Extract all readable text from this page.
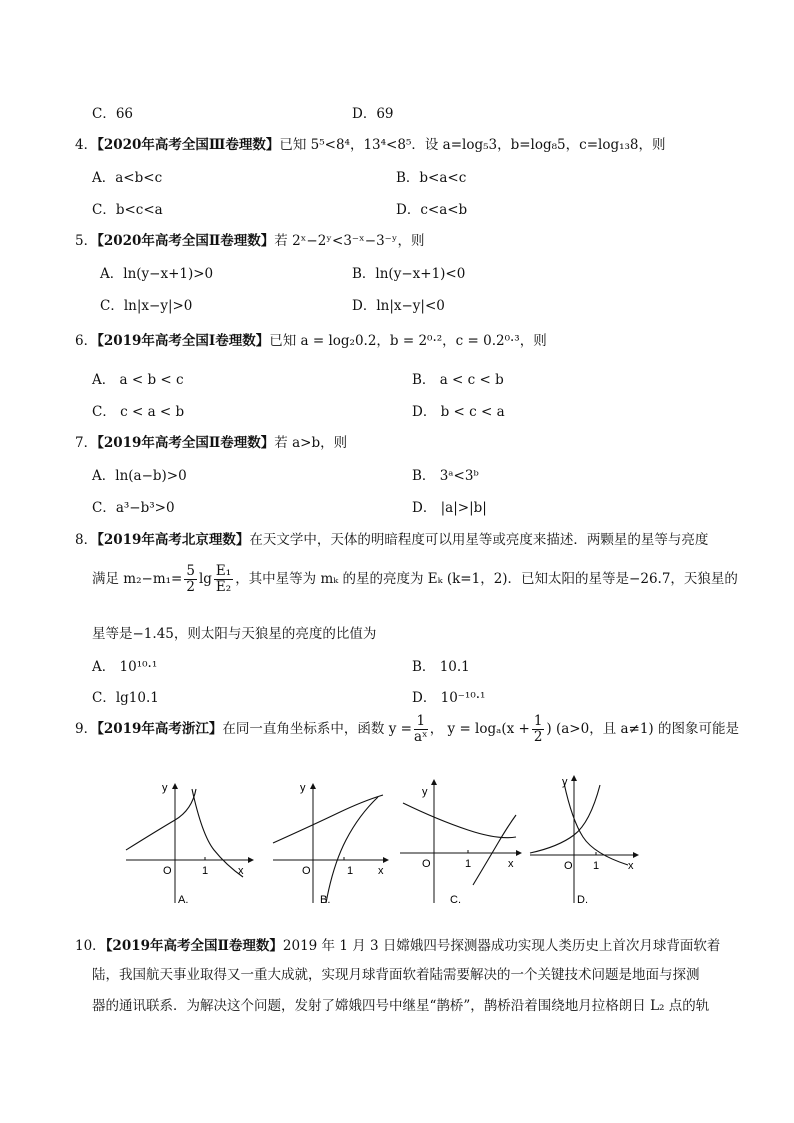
C．66	D．69
4．【2020年高考全国Ⅲ卷理数】已知 5⁵<8⁴，13⁴<8⁵．设 a=log₅3，b=log₈5，c=log₁₃8，则
A．a<b<c	B．b<a<c
C．b<c<a	D．c<a<b
5．【2020年高考全国Ⅱ卷理数】若 2ˣ−2ʸ<3⁻ˣ−3⁻ʸ，则
A．ln(y−x+1)>0	B．ln(y−x+1)<0
C．ln|x−y|>0	D．ln|x−y|<0
6．【2019年高考全国Ⅰ卷理数】已知 a = log₂0.2，b = 2⁰·²，c = 0.2⁰·³，则
A． a < b < c	B． a < c < b
C． c < a < b	D． b < c < a
7．【2019年高考全国Ⅱ卷理数】若 a>b，则
A．ln(a−b)>0	B． 3ᵃ<3ᵇ
C．a³−b³>0	D． |a|>|b|
8．【2019年高考北京理数】在天文学中，天体的明暗程度可以用星等或亮度来描述．两颗星的星等与亮度
满足 $m_2-m_1= \frac{5}{2}$ $\lg \frac{\text{E₁}}{\text{E₂}}$ ，其中星等为 mₖ 的星的亮度为 Eₖ (k=1，2)．已知太阳的星等是−26.7，天狼星的
星等是−1.45，则太阳与天狼星的亮度的比值为
A． 10¹⁰·¹	B． 10.1
C．lg10.1	D． 10⁻¹⁰·¹
9．【2019年高考浙江】在同一直角坐标系中，函数 $y = \frac{1}{\text{aˣ}}$ ， $y = \log_a(x + \frac{1}{2}$ ) (a>0，且 a≠1) 的图象可能是
y
x
O	1
A.
y
x
O	1
B.
y
x
O	1
C.
y
x
O 1
D.
10．【2019年高考全国Ⅱ卷理数】2019 年 1 月 3 日嫦娥四号探测器成功实现人类历史上首次月球背面软着
陆，我国航天事业取得又一重大成就，实现月球背面软着陆需要解决的一个关键技术问题是地面与探测
器的通讯联系．为解决这个问题，发射了嫦娥四号中继星“鹊桥”，鹊桥沿着围绕地月拉格朗日 L₂ 点的轨
